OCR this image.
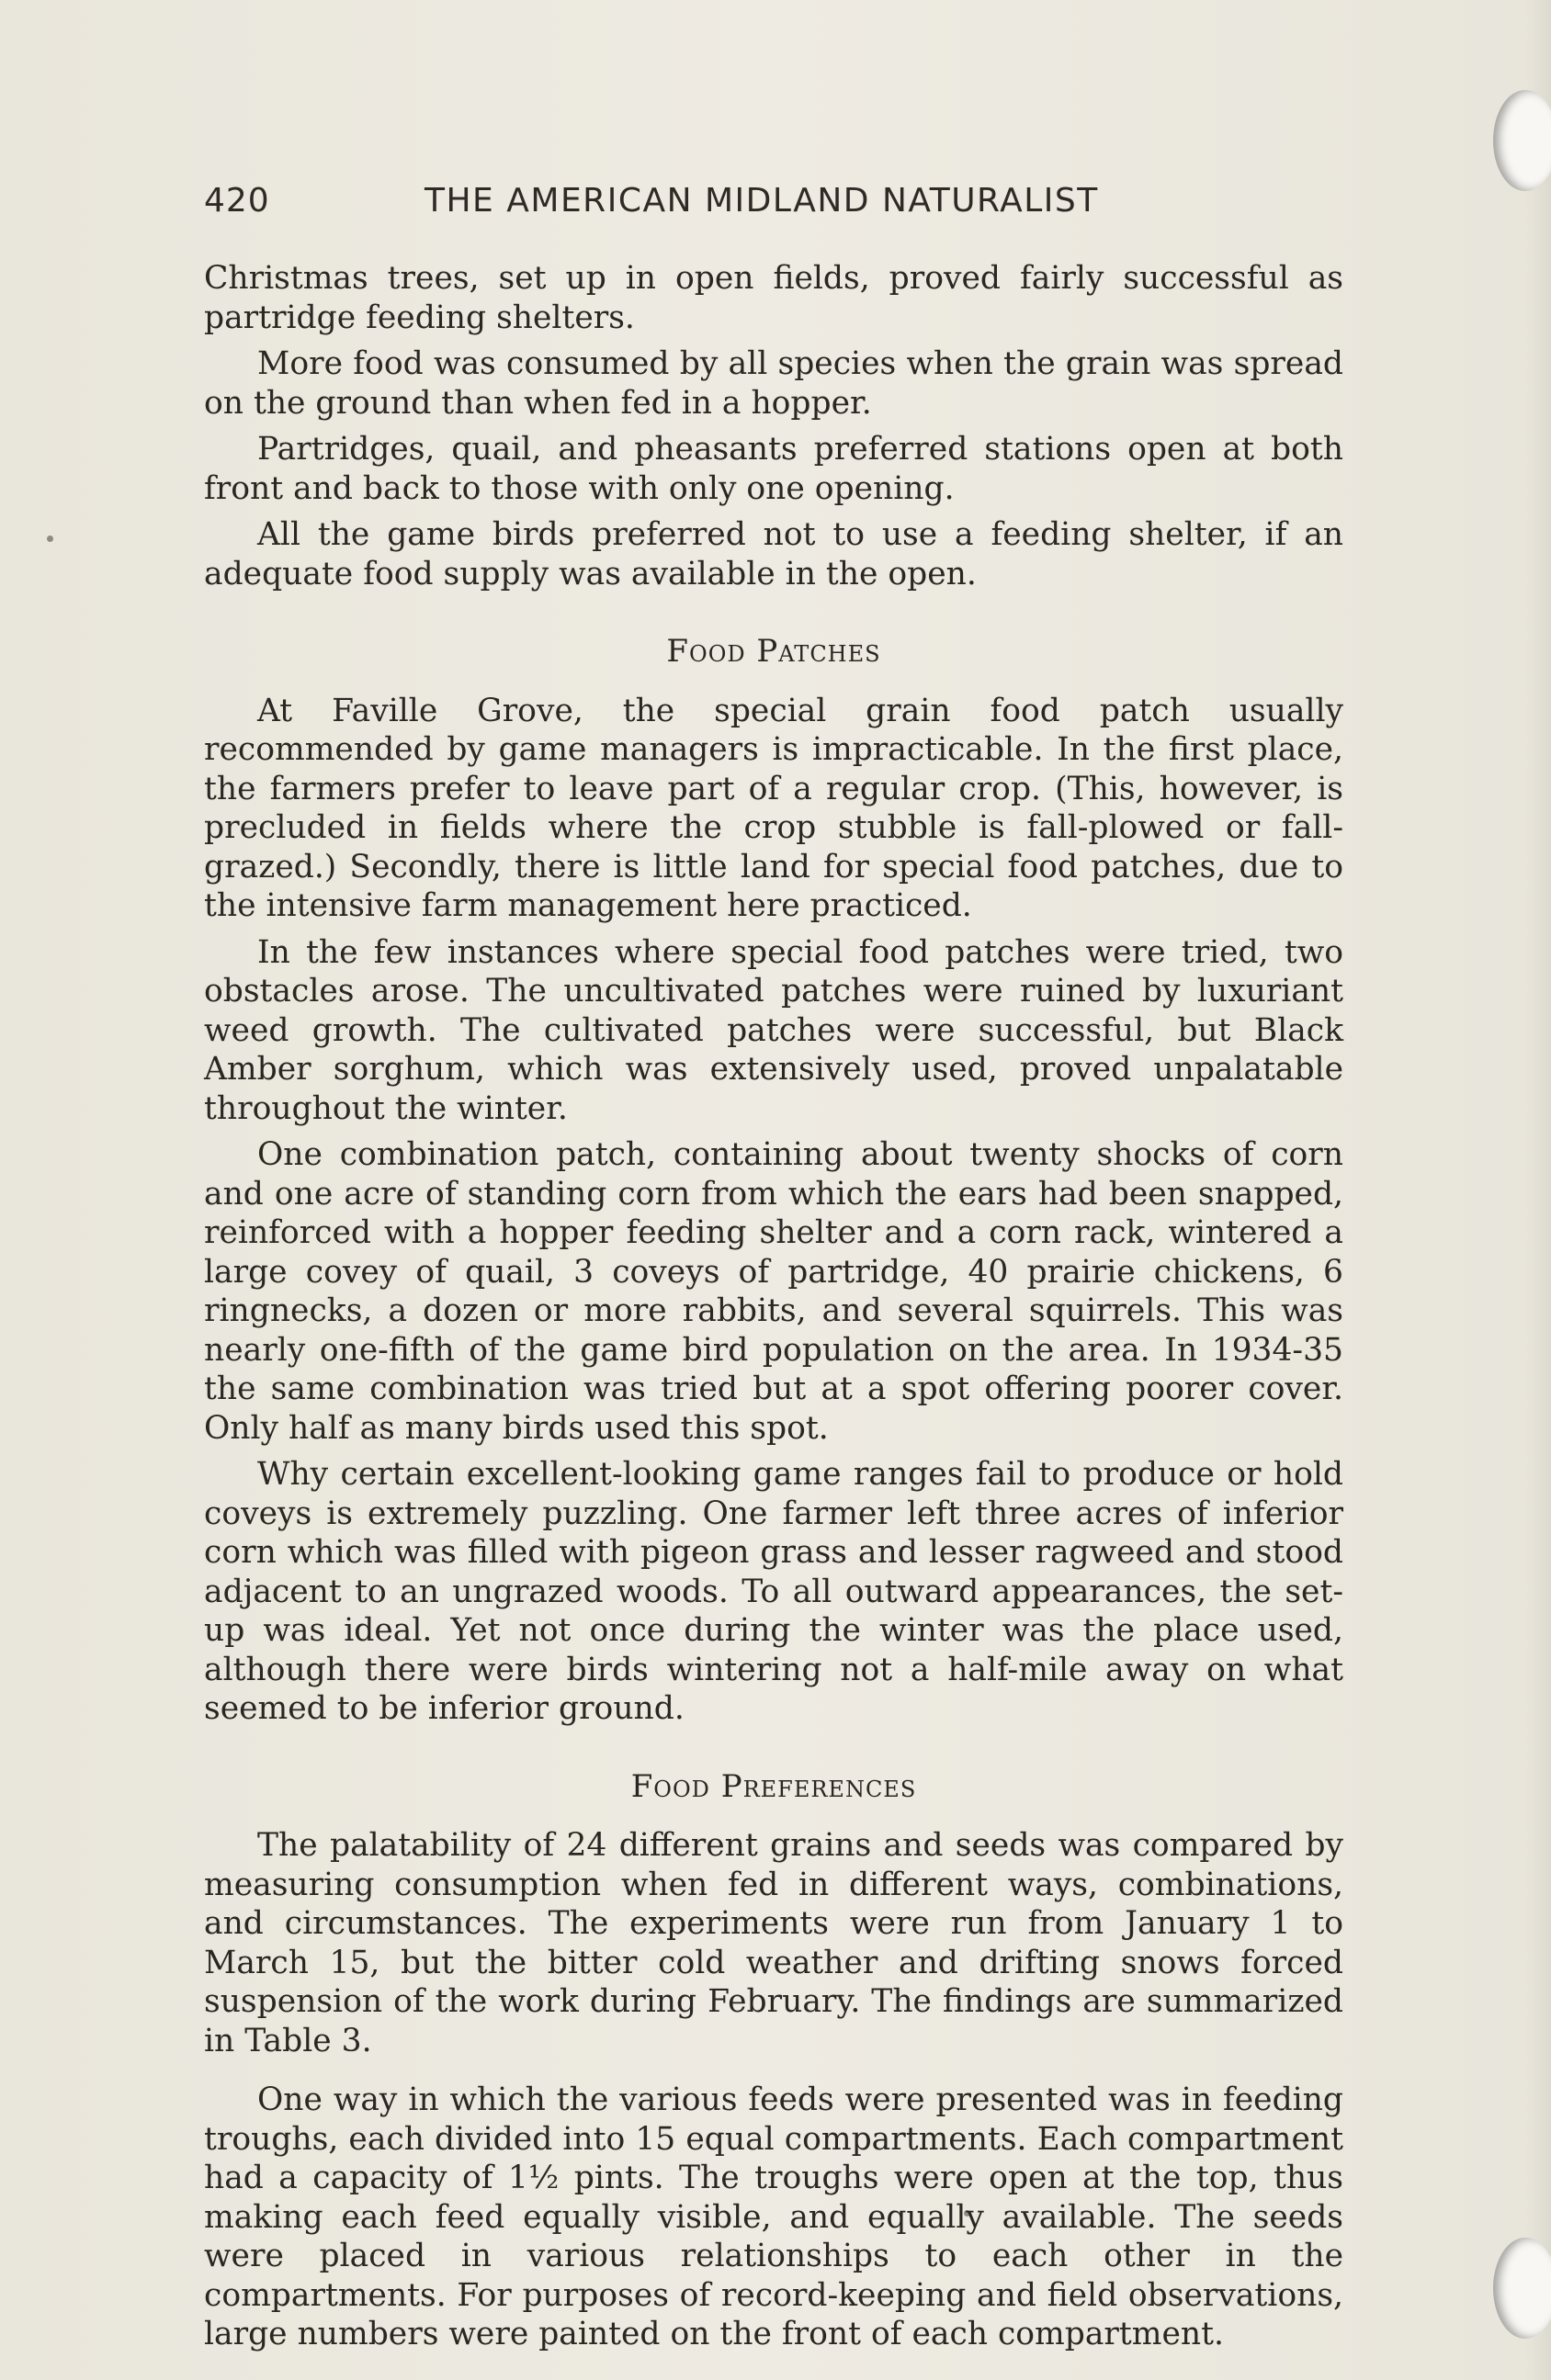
420	THE AMERICAN MIDLAND NATURALIST

Christmas trees, set up in open fields, proved fairly successful as partridge feeding shelters.

More food was consumed by all species when the grain was spread on the ground than when fed in a hopper.

Partridges, quail, and pheasants preferred stations open at both front and back to those with only one opening.

All the game birds preferred not to use a feeding shelter, if an adequate food supply was available in the open.

Food Patches

At Faville Grove, the special grain food patch usually recommended by game managers is impracticable. In the first place, the farmers prefer to leave part of a regular crop. (This, however, is precluded in fields where the crop stubble is fall-plowed or fall-grazed.) Secondly, there is little land for special food patches, due to the intensive farm management here practiced.

In the few instances where special food patches were tried, two obstacles arose. The uncultivated patches were ruined by luxuriant weed growth. The cultivated patches were successful, but Black Amber sorghum, which was extensively used, proved unpalatable throughout the winter.

One combination patch, containing about twenty shocks of corn and one acre of standing corn from which the ears had been snapped, reinforced with a hopper feeding shelter and a corn rack, wintered a large covey of quail, 3 coveys of partridge, 40 prairie chickens, 6 ringnecks, a dozen or more rabbits, and several squirrels. This was nearly one-fifth of the game bird population on the area. In 1934-35 the same combination was tried but at a spot offering poorer cover. Only half as many birds used this spot.

Why certain excellent-looking game ranges fail to produce or hold coveys is extremely puzzling. One farmer left three acres of inferior corn which was filled with pigeon grass and lesser ragweed and stood adjacent to an ungrazed woods. To all outward appearances, the set-up was ideal. Yet not once during the winter was the place used, although there were birds wintering not a half-mile away on what seemed to be inferior ground.

Food Preferences

The palatability of 24 different grains and seeds was compared by measuring consumption when fed in different ways, combinations, and circumstances. The experiments were run from January 1 to March 15, but the bitter cold weather and drifting snows forced suspension of the work during February. The findings are summarized in Table 3.

One way in which the various feeds were presented was in feeding troughs, each divided into 15 equal compartments. Each compartment had a capacity of 1½ pints. The troughs were open at the top, thus making each feed equally visible, and equally available. The seeds were placed in various relationships to each other in the compartments. For purposes of record-keeping and field observations, large numbers were painted on the front of each compartment.
